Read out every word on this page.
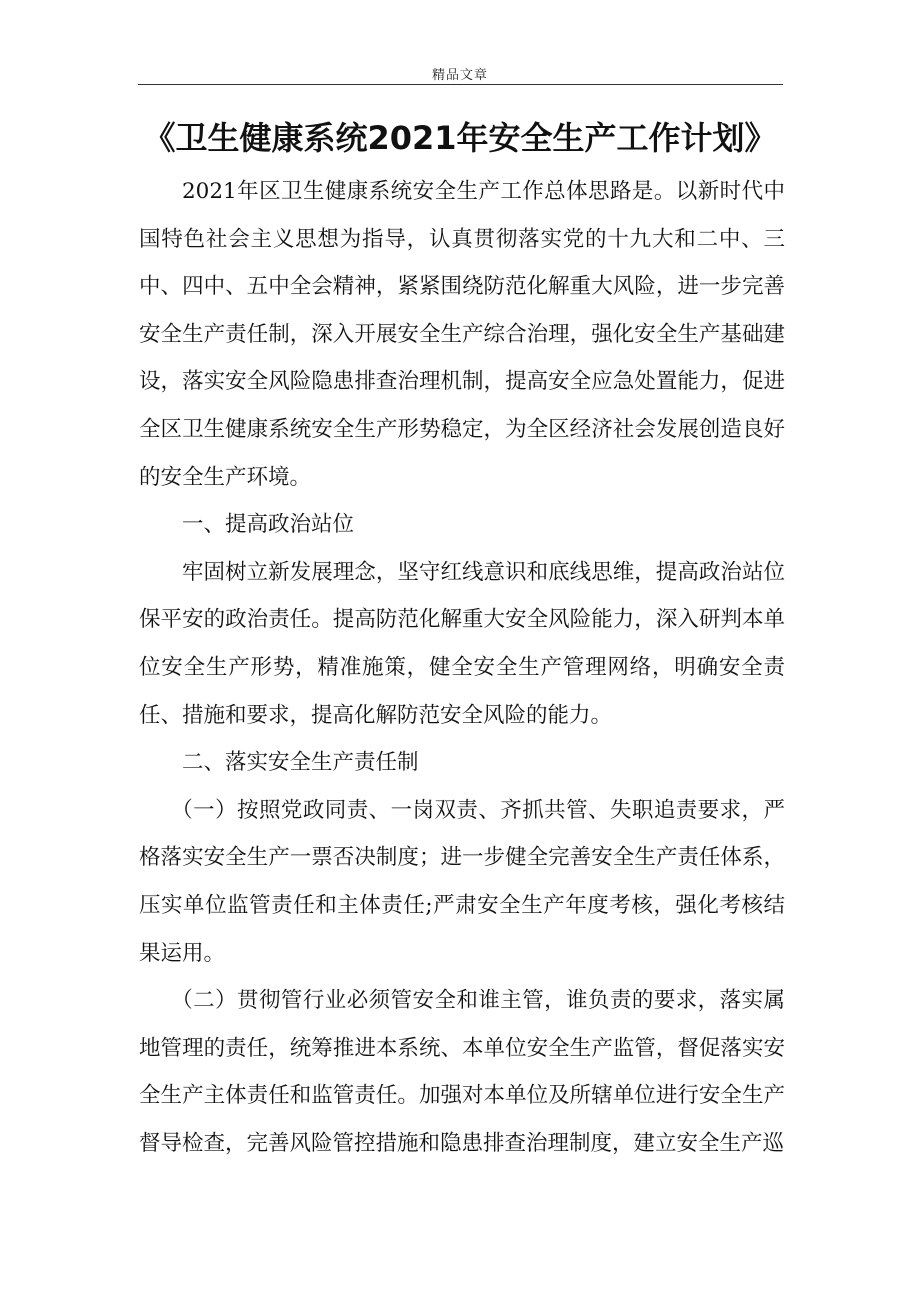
精品文章
《卫生健康系统2021年安全生产工作计划》

2021年区卫生健康系统安全生产工作总体思路是。以新时代中国特色社会主义思想为指导，认真贯彻落实党的十九大和二中、三中、四中、五中全会精神，紧紧围绕防范化解重大风险，进一步完善安全生产责任制，深入开展安全生产综合治理，强化安全生产基础建设，落实安全风险隐患排查治理机制，提高安全应急处置能力，促进全区卫生健康系统安全生产形势稳定，为全区经济社会发展创造良好的安全生产环境。

一、提高政治站位

牢固树立新发展理念，坚守红线意识和底线思维，提高政治站位保平安的政治责任。提高防范化解重大安全风险能力，深入研判本单位安全生产形势，精准施策，健全安全生产管理网络，明确安全责任、措施和要求，提高化解防范安全风险的能力。

二、落实安全生产责任制

（一）按照党政同责、一岗双责、齐抓共管、失职追责要求，严格落实安全生产一票否决制度；进一步健全完善安全生产责任体系，压实单位监管责任和主体责任;严肃安全生产年度考核，强化考核结果运用。

（二）贯彻管行业必须管安全和谁主管，谁负责的要求，落实属地管理的责任，统筹推进本系统、本单位安全生产监管，督促落实安全生产主体责任和监管责任。加强对本单位及所辖单位进行安全生产督导检查，完善风险管控措施和隐患排查治理制度，建立安全生产巡
